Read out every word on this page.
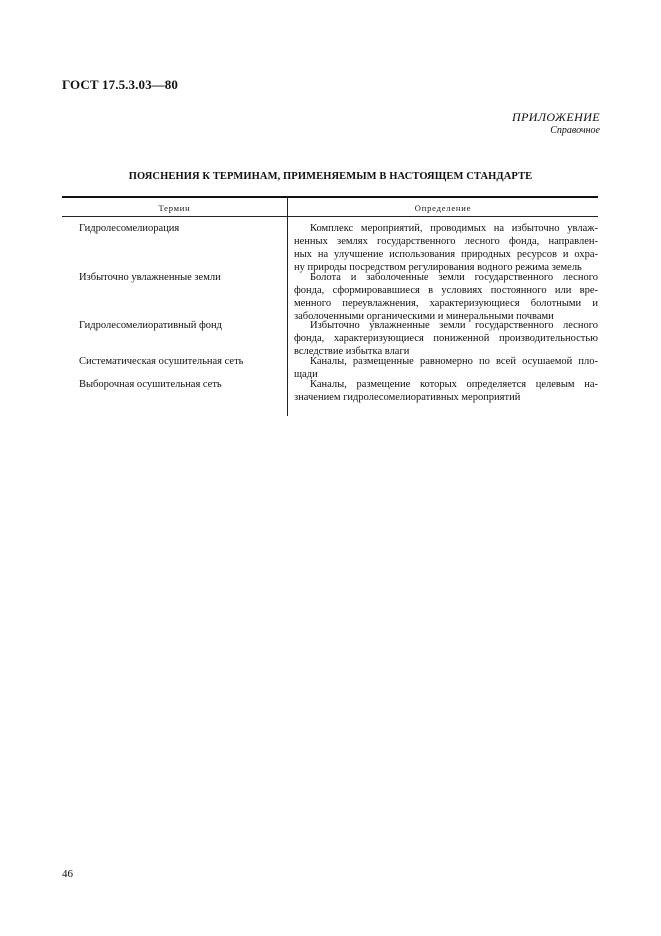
ГОСТ 17.5.3.03—80
ПРИЛОЖЕНИЕ
Справочное
ПОЯСНЕНИЯ К ТЕРМИНАМ, ПРИМЕНЯЕМЫМ В НАСТОЯЩЕМ СТАНДАРТЕ
Термин	Определение
Гидролесомелиорация	Комплекс мероприятий, проводимых на избыточно увлаж-
ненных землях государственного лесного фонда, направлен-
ных на улучшение использования природных ресурсов и охра-
ну природы посредством регулирования водного режима земель
Избыточно увлажненные земли	Болота и заболоченные земли государственного лесного
фонда, сформировавшиеся в условиях постоянного или вре-
менного переувлажнения, характеризующиеся болотными и
заболоченными органическими и минеральными почвами
Гидролесомелиоративный фонд	Избыточно увлажненные земли государственного лесного
фонда, характеризующиеся пониженной производительностью
вследствие избытка влаги
Систематическая осушительная сеть	Каналы, размещенные равномерно по всей осушаемой пло-
щади
Выборочная осушительная сеть	Каналы, размещение которых определяется целевым на-
значением гидролесомелиоративных мероприятий
46
